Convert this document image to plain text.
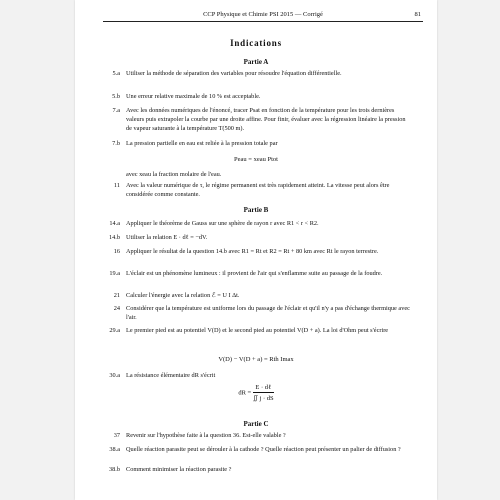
CCP Physique et Chimie PSI 2015 — Corrigé	81
Indications
Partie A
5.a Utiliser la méthode de séparation des variables pour résoudre l'équation différentielle.
5.b Une erreur relative maximale de 10 % est acceptable.
7.a Avec les données numériques de l'énoncé, tracer Psat en fonction de la température pour les trois dernières valeurs puis extrapoler la courbe par une droite affine. Pour finir, évaluer avec la régression linéaire la pression de vapeur saturante à la température T(500 m).
7.b La pression partielle en eau est reliée à la pression totale par
Peau = xeau Ptot
avec xeau la fraction molaire de l'eau.
11 Avec la valeur numérique de τ, le régime permanent est très rapidement atteint. La vitesse peut alors être considérée comme constante.
Partie B
14.a Appliquer le théorème de Gauss sur une sphère de rayon r avec R1 < r < R2.
14.b Utiliser la relation E · dℓ = −dV.
16 Appliquer le résultat de la question 14.b avec R1 = Rt et R2 = Rt + 80 km avec Rt le rayon terrestre.
19.a L'éclair est un phénomène lumineux : il provient de l'air qui s'enflamme suite au passage de la foudre.
21 Calculer l'énergie avec la relation ℰ = U I Δt.
24 Considérer que la température est uniforme lors du passage de l'éclair et qu'il n'y a pas d'échange thermique avec l'air.
29.a Le premier pied est au potentiel V(D) et le second pied au potentiel V(D + a). La loi d'Ohm peut s'écrire
V(D) − V(D + a) = Rth Imax
30.a La résistance élémentaire dR s'écrit
dR = $\frac{\text{E · dℓ}}{∬ j \cdot dS}$
Partie C
37 Revenir sur l'hypothèse faite à la question 36. Est-elle valable ?
38.a Quelle réaction parasite peut se dérouler à la cathode ? Quelle réaction peut présenter un palier de diffusion ?
38.b Comment minimiser la réaction parasite ?
